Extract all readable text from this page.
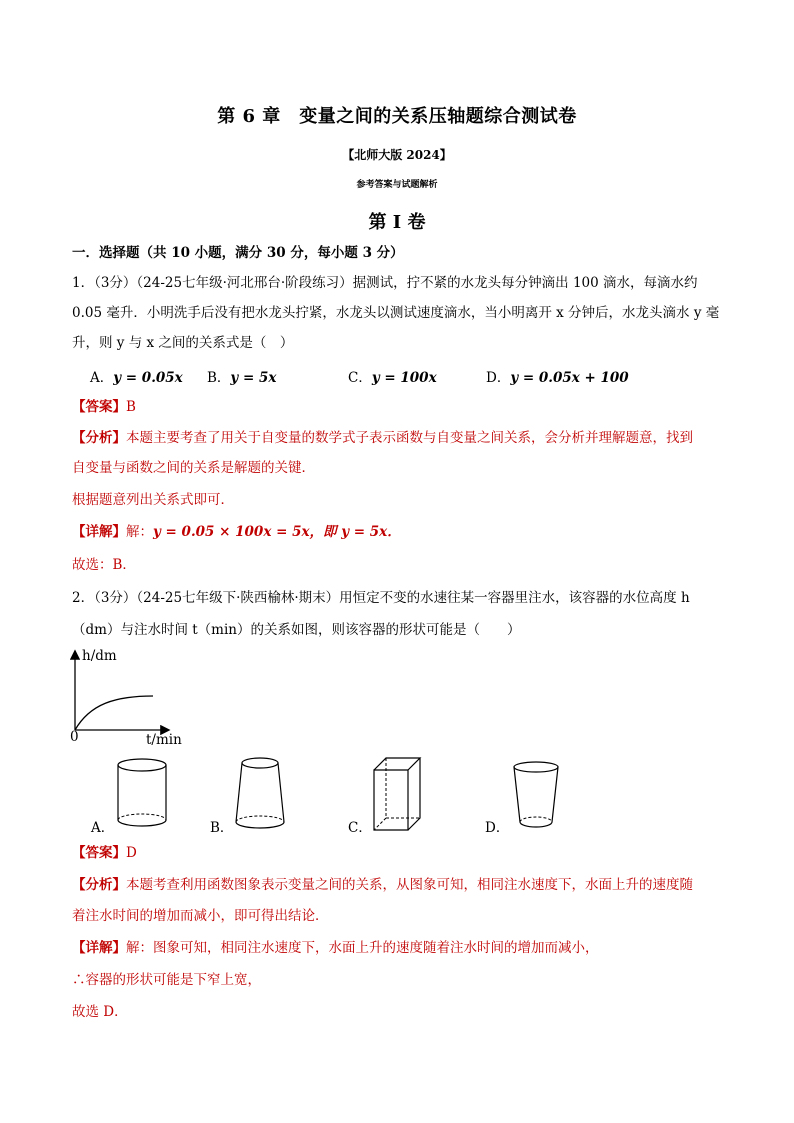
第 6 章　变量之间的关系压轴题综合测试卷
【北师大版 2024】
参考答案与试题解析
第 I 卷
一．选择题（共 10 小题，满分 30 分，每小题 3 分）
1．（3分）（24-25七年级·河北邢台·阶段练习）据测试，拧不紧的水龙头每分钟滴出 100 滴水，每滴水约
0.05 毫升．小明洗手后没有把水龙头拧紧，水龙头以测试速度滴水，当小明离开 x 分钟后，水龙头滴水 y 毫
升，则 y 与 x 之间的关系式是（　）
A．y = 0.05x B．y = 5x	C．y = 100x	D．y = 0.05x + 100
【答案】B
【分析】本题主要考查了用关于自变量的数学式子表示函数与自变量之间关系，会分析并理解题意，找到
自变量与函数之间的关系是解题的关键．
根据题意列出关系式即可．
【详解】解：y = 0.05 × 100x = 5x，即 y = 5x．
故选：B．
2．（3分）（24-25七年级下·陕西榆林·期末）用恒定不变的水速往某一容器里注水，该容器的水位高度 h
（dm）与注水时间 t（min）的关系如图，则该容器的形状可能是（　　）
h/dm
t/min
0
A．	B．	C．	D．
【答案】D
【分析】本题考查利用函数图象表示变量之间的关系，从图象可知，相同注水速度下，水面上升的速度随
着注水时间的增加而减小，即可得出结论．
【详解】解：图象可知，相同注水速度下，水面上升的速度随着注水时间的增加而减小，
∴容器的形状可能是下窄上宽，
故选 D．
